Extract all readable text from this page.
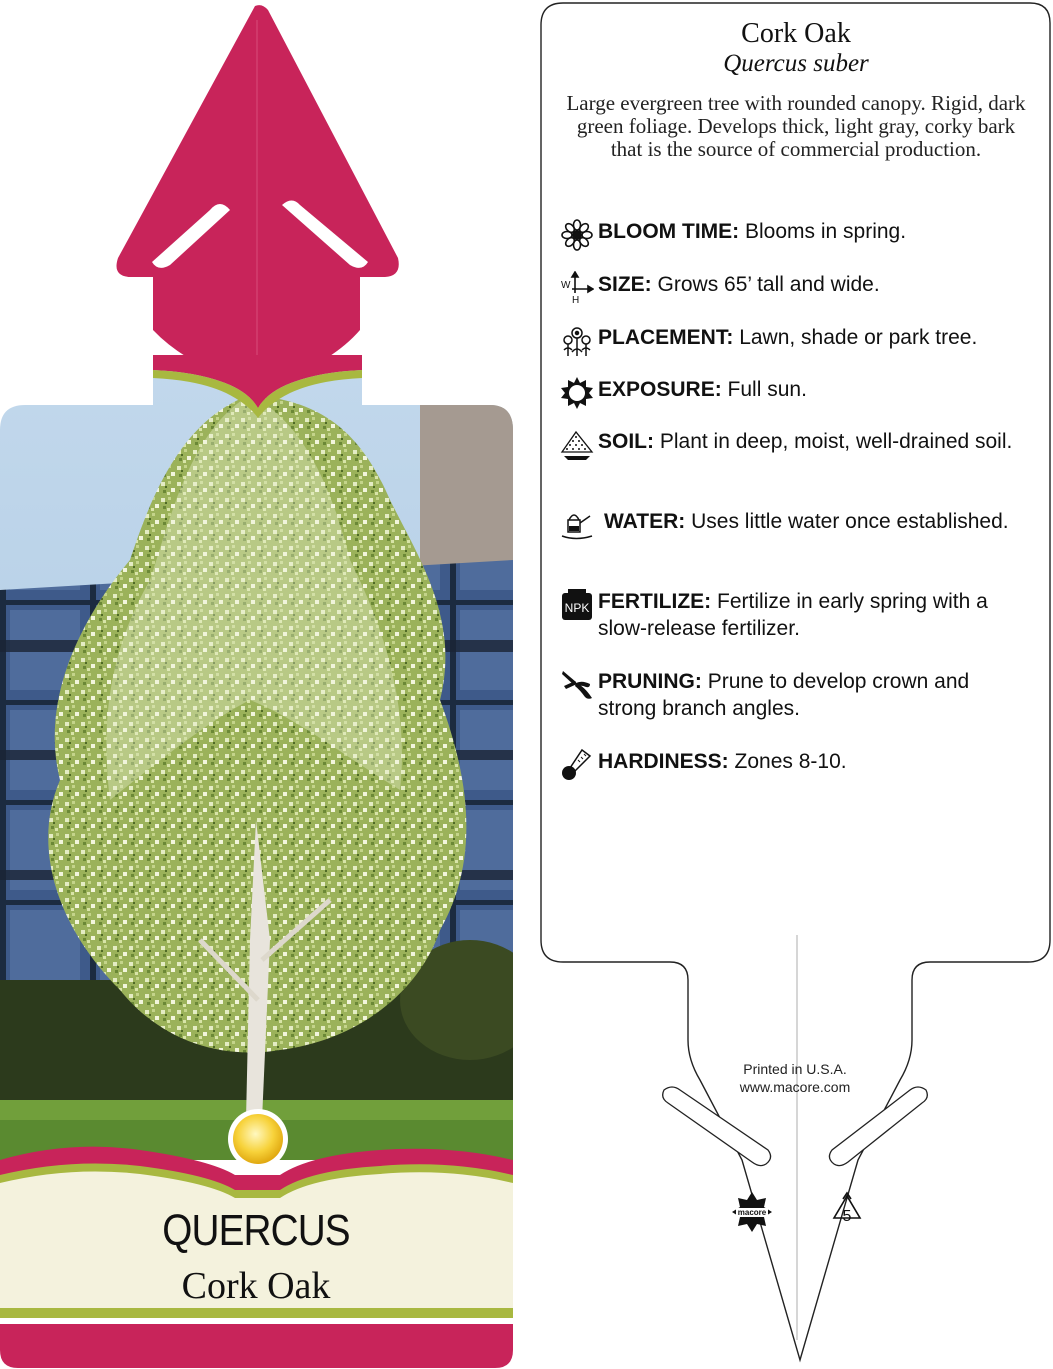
macore	5
QUERCUS
Cork Oak
Cork Oak
Quercus suber
Large evergreen tree with rounded canopy. Rigid, dark green foliage. Develops thick, light gray, corky bark that is the source of commercial production.
BLOOM TIME: Blooms in spring.
W
H
SIZE: Grows 65’ tall and wide.
PLACEMENT: Lawn, shade or park tree.
EXPOSURE: Full sun.
SOIL: Plant in deep, moist, well-drained soil.
WATER: Uses little water once established.
NPK FERTILIZE: Fertilize in early spring with a slow-release fertilizer.
PRUNING: Prune to develop crown and strong branch angles.
HARDINESS: Zones 8-10.
Printed in U.S.A.
www.macore.com
